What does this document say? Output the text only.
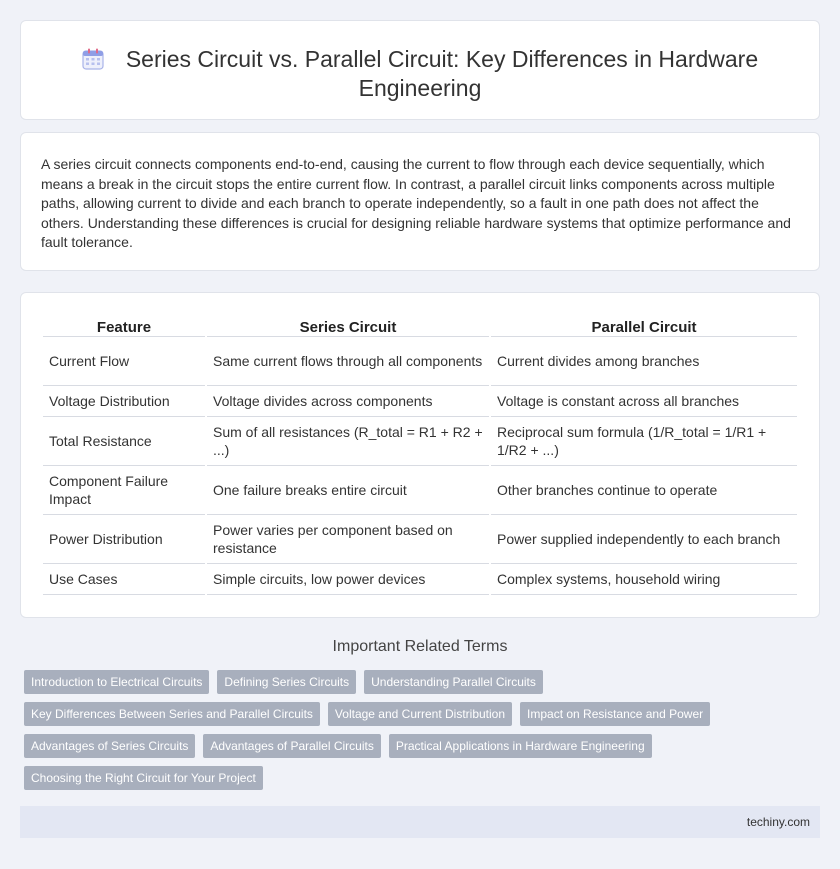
Series Circuit vs. Parallel Circuit: Key Differences in Hardware
Engineering

A series circuit connects components end-to-end, causing the current to flow through each device sequentially, which means a break in the circuit stops the entire current flow. In contrast, a parallel circuit links components across multiple paths, allowing current to divide and each branch to operate independently, so a fault in one path does not affect the others. Understanding these differences is crucial for designing reliable hardware systems that optimize performance and fault tolerance.

Feature	Series Circuit	Parallel Circuit
Current Flow	Same current flows through all components	Current divides among branches
Voltage Distribution	Voltage divides across components	Voltage is constant across all branches
Total Resistance	Sum of all resistances (R_total = R1 + R2 + ...)	Reciprocal sum formula (1/R_total = 1/R1 + 1/R2 + ...)
Component Failure Impact	One failure breaks entire circuit	Other branches continue to operate
Power Distribution	Power varies per component based on resistance	Power supplied independently to each branch
Use Cases	Simple circuits, low power devices	Complex systems, household wiring
Important Related Terms
Introduction to Electrical Circuits	Defining Series Circuits	Understanding Parallel Circuits
Key Differences Between Series and Parallel Circuits	Voltage and Current Distribution	Impact on Resistance and Power
Advantages of Series Circuits	Advantages of Parallel Circuits	Practical Applications in Hardware Engineering
Choosing the Right Circuit for Your Project
techiny.com
